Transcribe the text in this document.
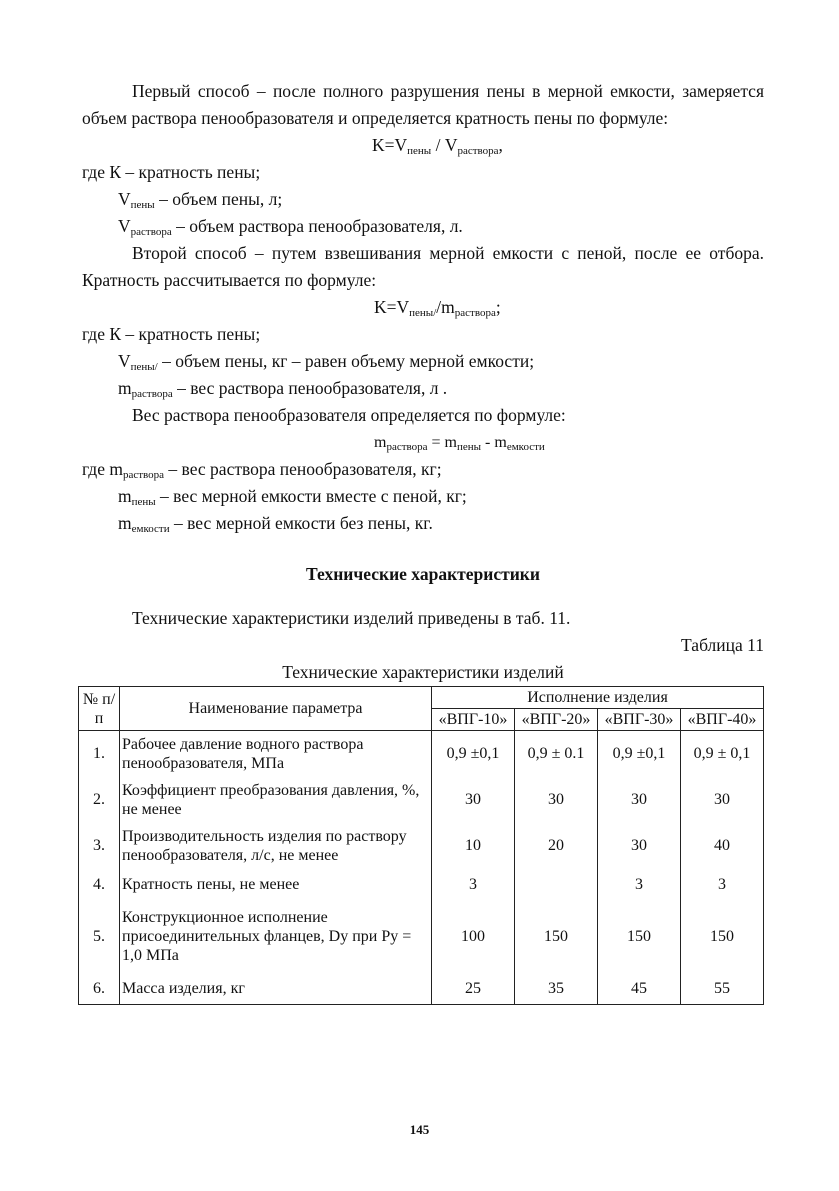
Первый способ – после полного разрушения пены в мерной емкости, замеряется объем раствора пенообразователя и определяется кратность пены по формуле:

$K=V_{пены} / V_{раствора}$,

где К – кратность пены;

$V_{пены}$ – объем пены, л;

$V_{раствора}$ – объем раствора пенообразователя, л.

Второй способ – путем взвешивания мерной емкости с пеной, после ее отбора. Кратность рассчитывается по формуле:

$K=V_{пены/}/m_{раствора}$;

где К – кратность пены;

$V_{пены/}$ – объем пены, кг – равен объему мерной емкости;

$m_{раствора}$ – вес раствора пенообразователя, л .

Вес раствора пенообразователя определяется по формуле:

$m_{раствора} = m_{пены} - m_{емкости}$

где $m_{раствора}$ – вес раствора пенообразователя, кг;

$m_{пены}$ – вес мерной емкости вместе с пеной, кг;

$m_{емкости}$ – вес мерной емкости без пены, кг.

Технические характеристики

Технические характеристики изделий приведены в таб. 11.

Таблица 11

Технические характеристики изделий

№ п/п	Наименование параметра	Исполнение изделия			
		«ВПГ-10»	«ВПГ-20»	«ВПГ-30»	«ВПГ-40»
1.	Рабочее давление водного раствора пенообразователя, МПа	0,9 ±0,1	0,9 ± 0.1	0,9 ±0,1	0,9 ± 0,1
2.	Коэффициент преобразования давления, %, не менее	30	30	30	30
3.	Производительность изделия по раствору пенообразователя, л/с, не менее	10	20	30	40
4.	Кратность пены, не менее	3		3	3
5.	Конструкционное исполнение присоединительных фланцев, Dу при Ру = 1,0 МПа	100	150	150	150
6.	Масса изделия, кг	25	35	45	55
145
